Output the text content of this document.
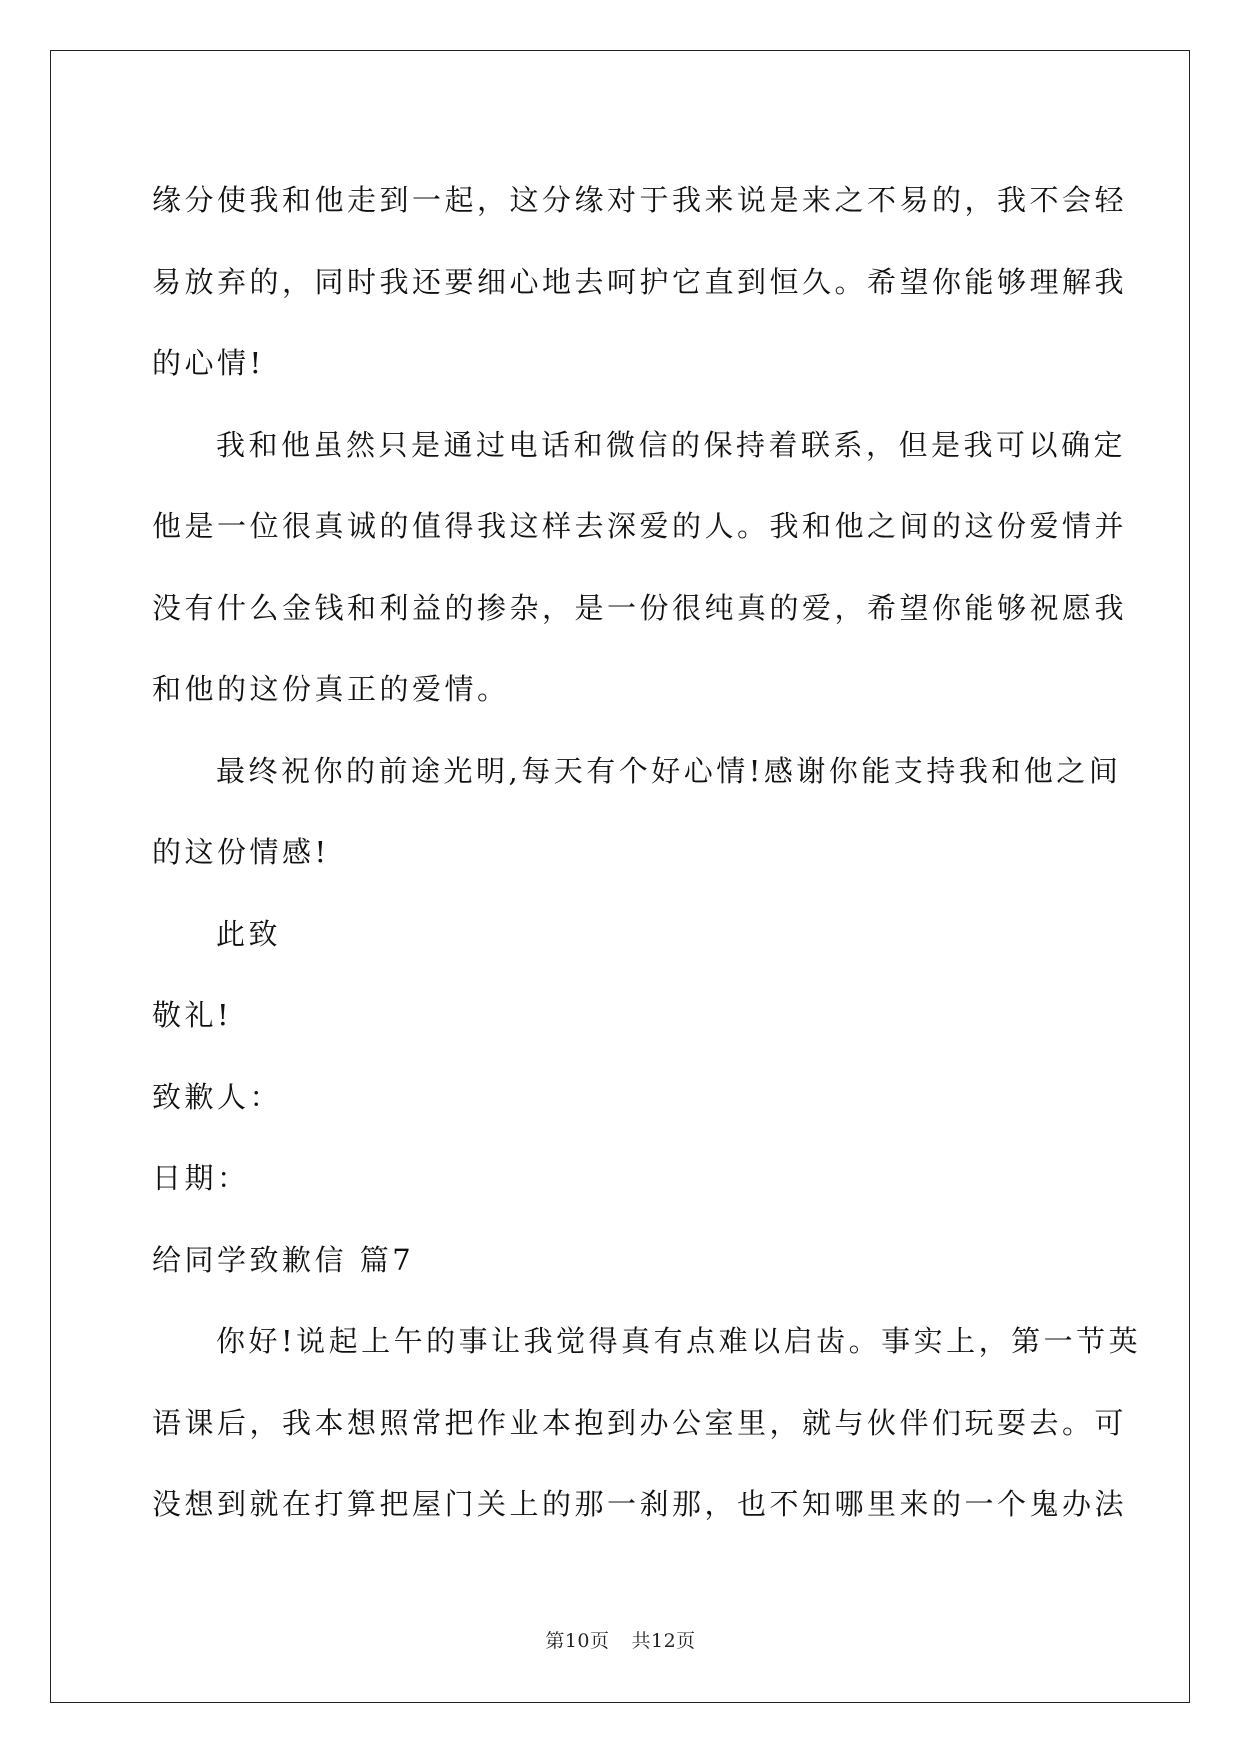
缘分使我和他走到一起，这分缘对于我来说是来之不易的，我不会轻
易放弃的，同时我还要细心地去呵护它直到恒久。希望你能够理解我
的心情!
我和他虽然只是通过电话和微信的保持着联系，但是我可以确定
他是一位很真诚的值得我这样去深爱的人。我和他之间的这份爱情并
没有什么金钱和利益的掺杂，是一份很纯真的爱，希望你能够祝愿我
和他的这份真正的爱情。
最终祝你的前途光明,每天有个好心情!感谢你能支持我和他之间
的这份情感!
此致
敬礼!
致歉人：
日期：
给同学致歉信 篇7
你好!说起上午的事让我觉得真有点难以启齿。事实上，第一节英
语课后，我本想照常把作业本抱到办公室里，就与伙伴们玩耍去。可
没想到就在打算把屋门关上的那一刹那，也不知哪里来的一个鬼办法
第10页 共12页
